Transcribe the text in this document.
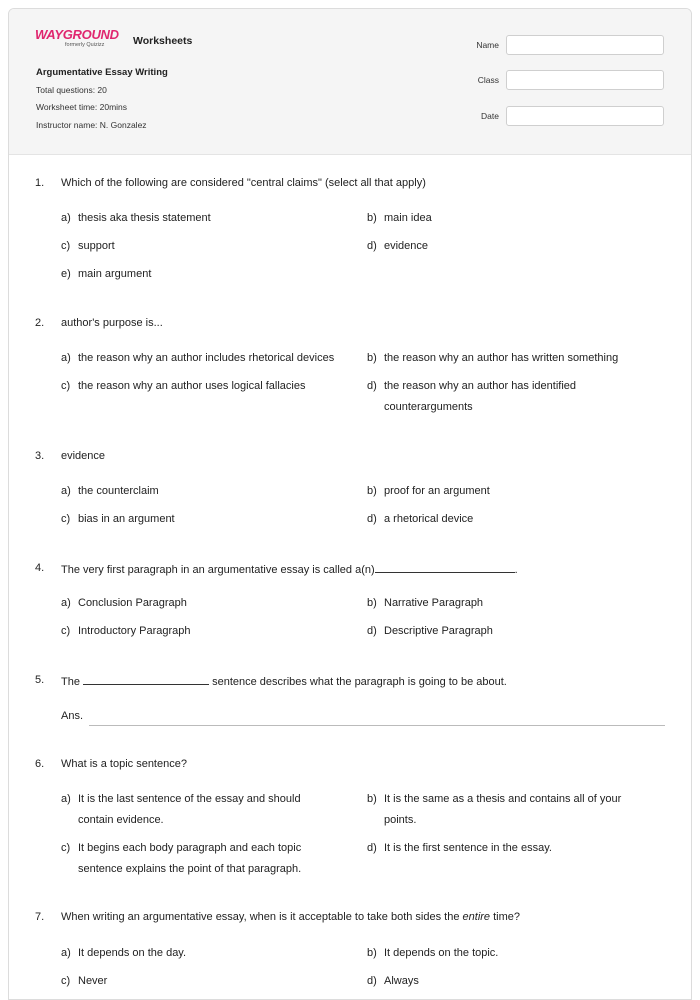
WAYGROUND
formerly Quizizz	Worksheets
Argumentative Essay Writing
Total questions: 20
Worksheet time: 20mins
Instructor name: N. Gonzalez
Name
Class
Date
1. Which of the following are considered "central claims" (select all that apply)
a) thesis aka thesis statement	b) main idea
c) support	d) evidence
e) main argument
2. author's purpose is...
a) the reason why an author includes rhetorical devices	b) the reason why an author has written something
c) the reason why an author uses logical fallacies	d) the reason why an author has identified counterarguments
3. evidence
a) the counterclaim	b) proof for an argument
c) bias in an argument	d) a rhetorical device
4. The very first paragraph in an argumentative essay is called a(n)	.
a) Conclusion Paragraph	b) Narrative Paragraph
c) Introductory Paragraph	d) Descriptive Paragraph
5. The	sentence describes what the paragraph is going to be about.
Ans.
6. What is a topic sentence?
a) It is the last sentence of the essay and should contain evidence.
b) It is the same as a thesis and contains all of your points.
c) It begins each body paragraph and each topic sentence explains the point of that paragraph.
d) It is the first sentence in the essay.
7. When writing an argumentative essay, when is it acceptable to take both sides the entire time?
a) It depends on the day.	b) It depends on the topic.
c) Never	d) Always
